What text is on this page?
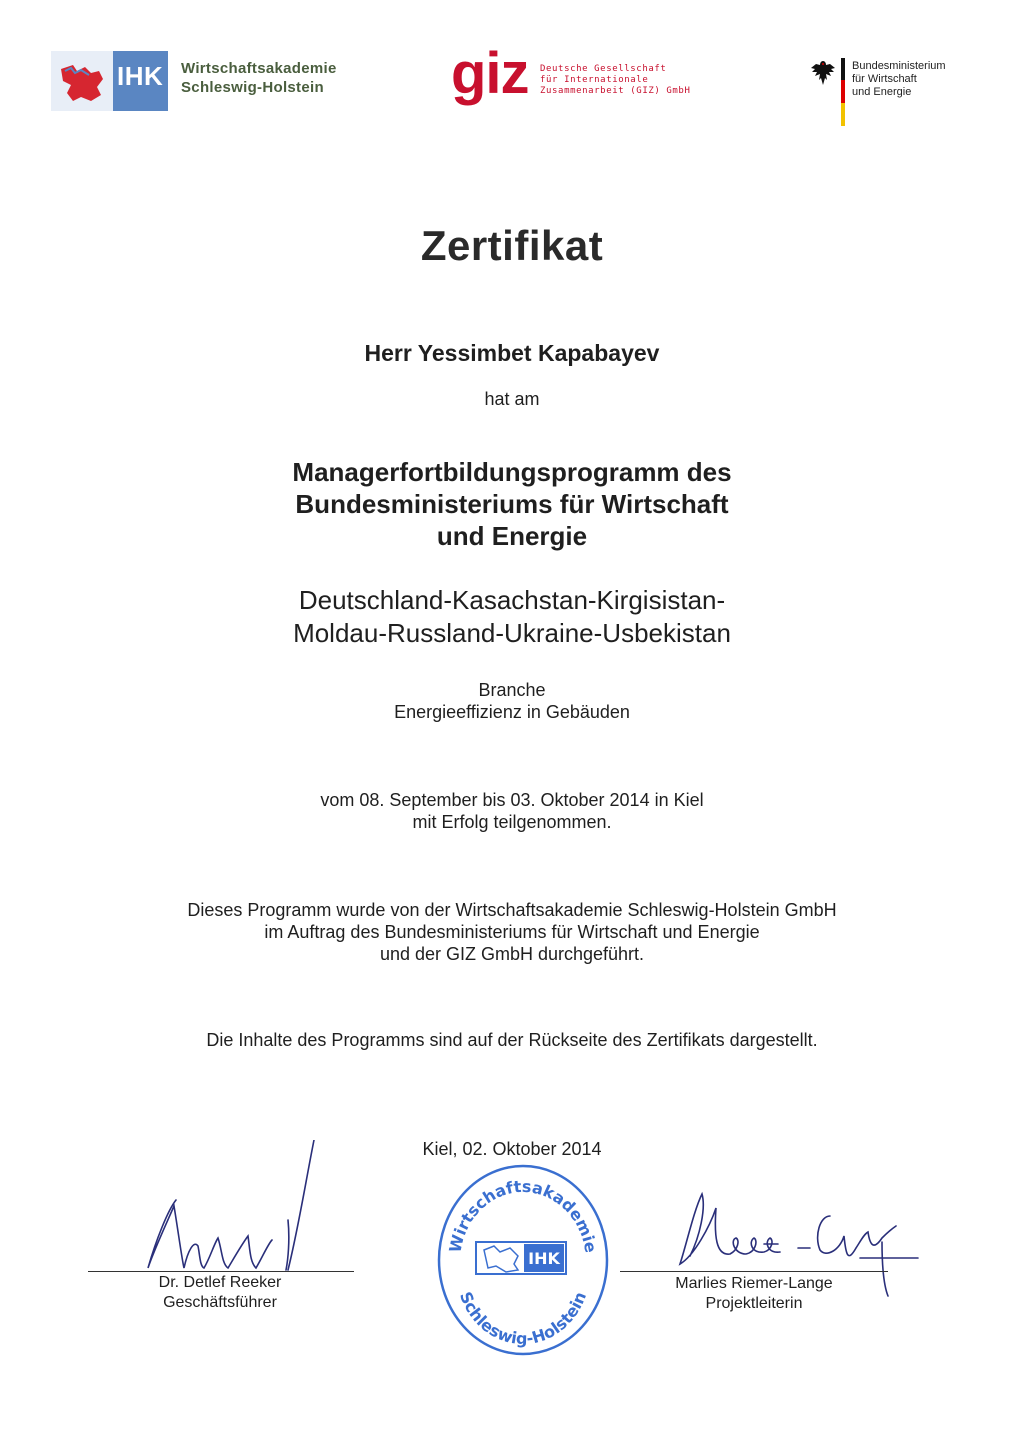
IHK Wirtschaftsakademie
Schleswig-Holstein giz Deutsche Gesellschaft
für Internationale
Zusammenarbeit (GIZ) GmbH
Bundesministerium
für Wirtschaft
und Energie
Zertifikat
Herr Yessimbet Kapabayev
hat am
Managerfortbildungsprogramm des
Bundesministeriums für Wirtschaft
und Energie
Deutschland-Kasachstan-Kirgisistan-
Moldau-Russland-Ukraine-Usbekistan
Branche
Energieeffizienz in Gebäuden
vom 08. September bis 03. Oktober 2014 in Kiel
mit Erfolg teilgenommen.
Dieses Programm wurde von der Wirtschaftsakademie Schleswig-Holstein GmbH
im Auftrag des Bundesministeriums für Wirtschaft und Energie
und der GIZ GmbH durchgeführt.
Die Inhalte des Programms sind auf der Rückseite des Zertifikats dargestellt.
Kiel, 02. Oktober 2014
Dr. Detlef Reeker
Geschäftsführer
Marlies Riemer-Lange
Projektleiterin
Wirtschaftsakademie
Schleswig-Holstein
IHK
